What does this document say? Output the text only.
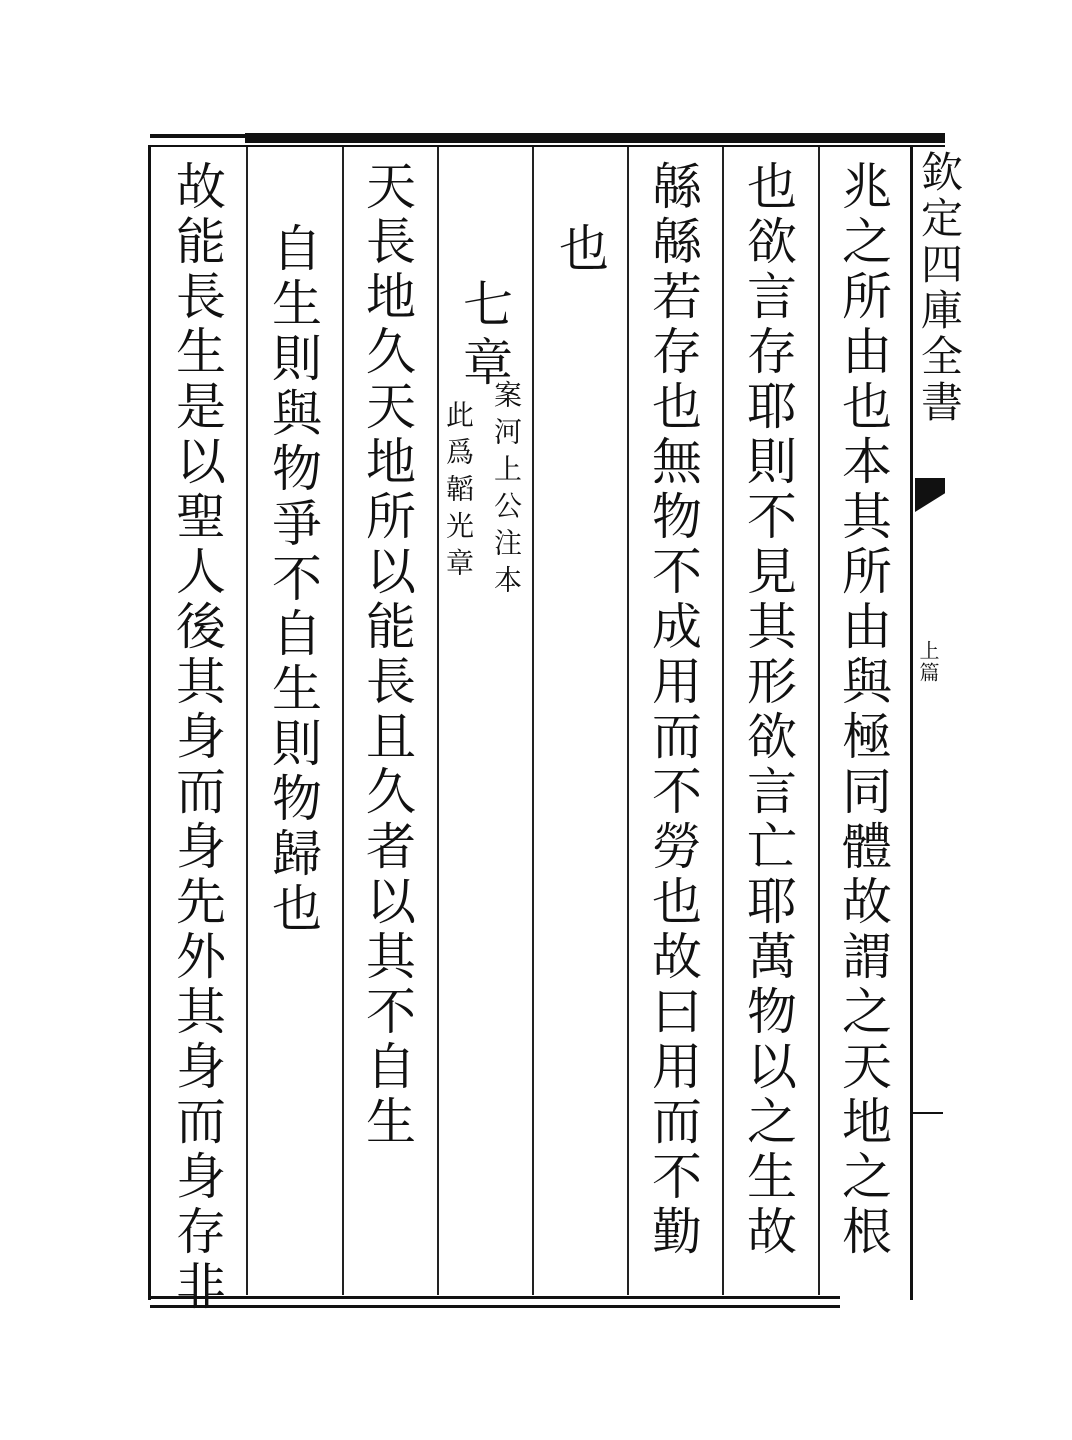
兆之所由也本其所由與極同體故謂之天地之根
也欲言存耶則不見其形欲言亡耶萬物以之生故
緜緜若存也無物不成用而不勞也故曰用而不勤
也
七章
案河上公注本
此爲韜光章
天長地久天地所以能長且久者以其不自生
自生則與物爭不自生則物歸也
故能長生是以聖人後其身而身先外其身而身存非	欽定四庫全書
上篇
